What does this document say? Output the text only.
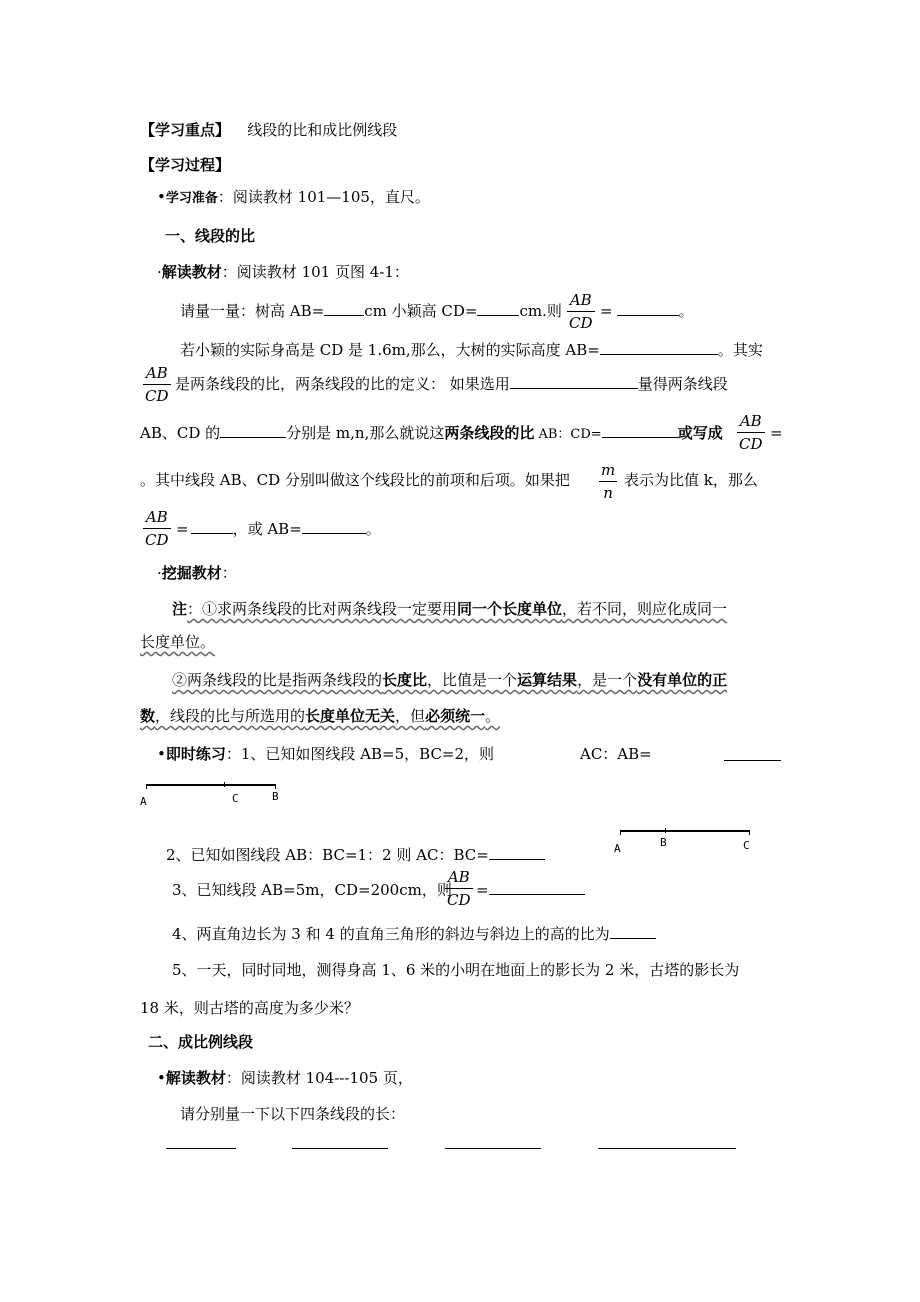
【学习重点】 线段的比和成比例线段
【学习过程】
•学习准备：阅读教材 101—105，直尺。
一、线段的比
·解读教材：阅读教材 101 页图 4-1：
请量一量：树高 AB=	cm 小颖高 CD=	cm.则 $\frac{AB}{CD}$ =	。
若小颖的实际身高是 CD 是 1.6m,那么，大树的实际高度 AB=	。其实
$\frac{AB}{CD}$ 是两条线段的比，两条线段的比的定义： 如果选用	量得两条线段
AB、CD 的	分别是 m,n,那么就说这两条线段的比 AB：CD=	或写成 $\frac{AB}{CD}$ =
。其中线段 AB、CD 分别叫做这个线段比的前项和后项。如果把 $\frac{m}{n}$ 表示为比值 k，那么
$\frac{AB}{CD}$ =	，或 AB=	。
·挖掘教材：
注：①求两条线段的比对两条线段一定要用同一个长度单位，若不同，则应化成同一
长度单位。
②两条线段的比是指两条线段的长度比，比值是一个运算结果，是一个没有单位的正
数，线段的比与所选用的长度单位无关，但必须统一。
•即时练习：1、已知如图线段 AB=5，BC=2，则	AC：AB=
A	C	B
A	B	C
2、已知如图线段 AB：BC=1：2 则 AC：BC=
3、已知线段 AB=5m，CD=200cm，则
$\frac{AB}{CD}$ =
4、两直角边长为 3 和 4 的直角三角形的斜边与斜边上的高的比为
5、一天，同时同地，测得身高 1、6 米的小明在地面上的影长为 2 米，古塔的影长为
18 米，则古塔的高度为多少米？
二、成比例线段
•解读教材：阅读教材 104---105 页，
请分别量一下以下四条线段的长：
